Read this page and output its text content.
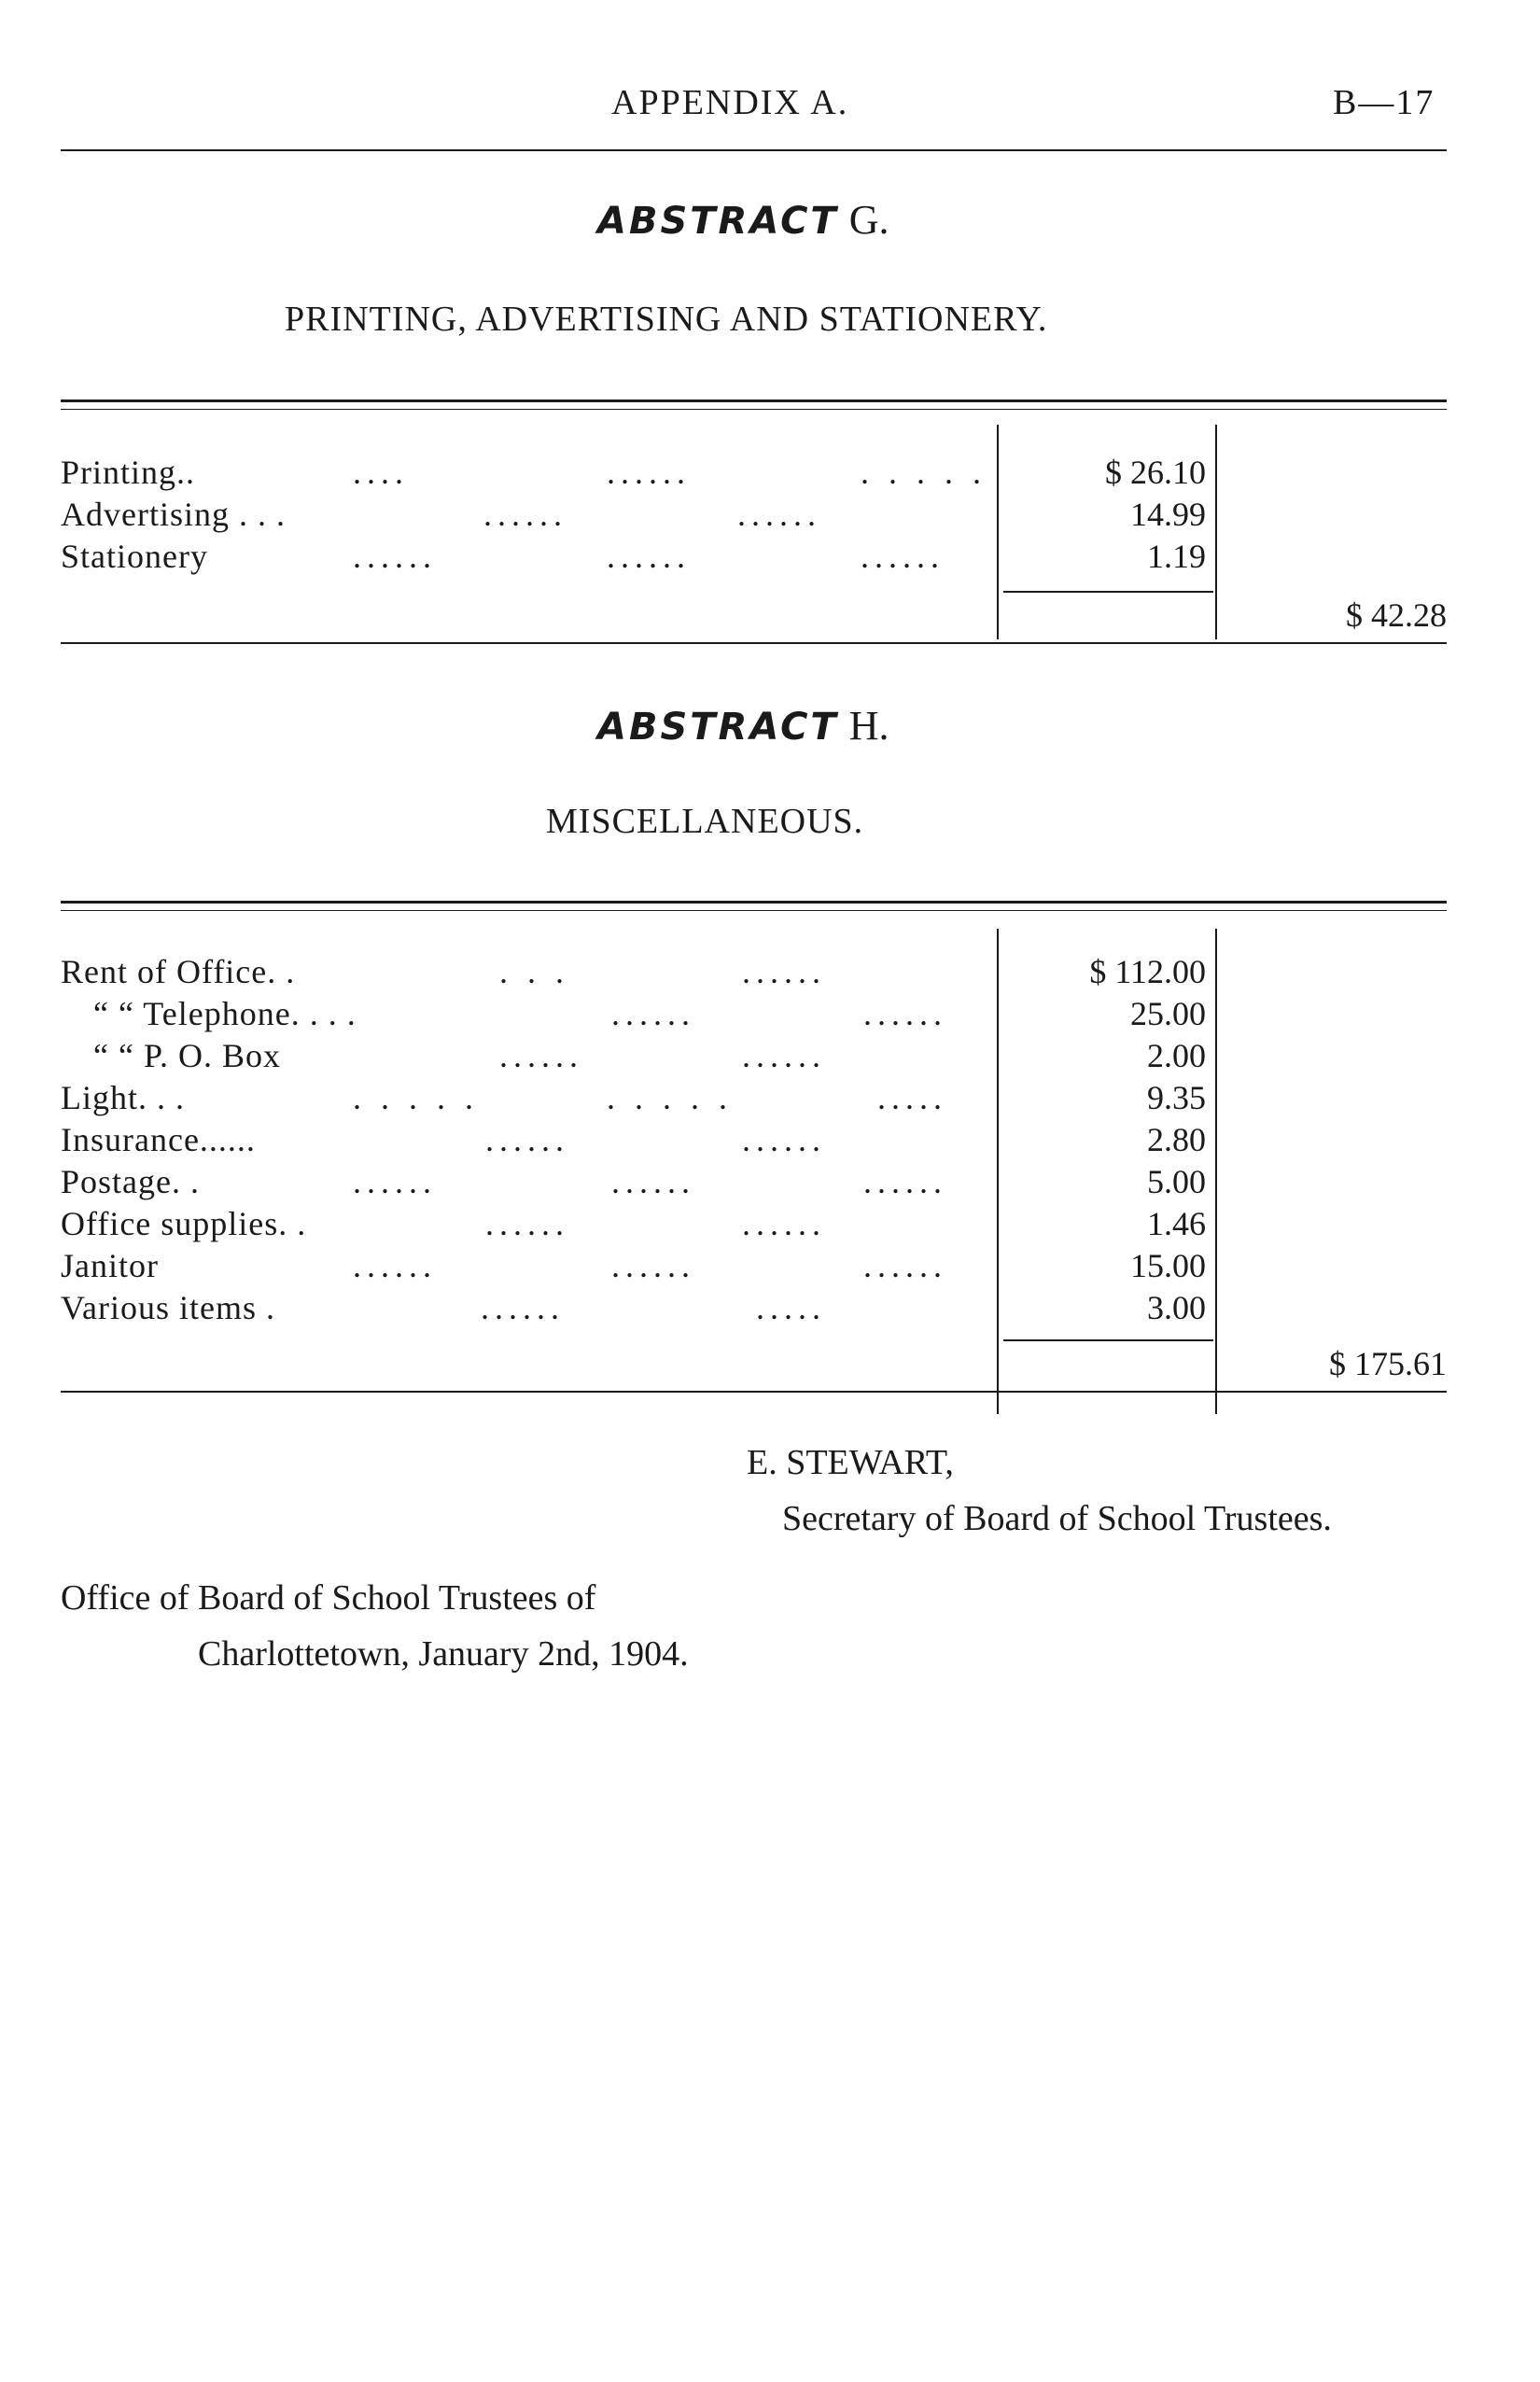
APPENDIX A.	B—17
ABSTRACT G.
PRINTING, ADVERTISING AND STATIONERY.
Printing..	....	......	. . . . .	$ 26.10
Advertising . . .	......	......	14.99
Stationery	......	......	......	1.19
$ 42.28
ABSTRACT H.
MISCELLANEOUS.
Rent of Office. .	. . .	......	$ 112.00
“ “ Telephone. . . .	......	......	25.00
“ “ P. O. Box	......	......	2.00
Light. . .	. . . . .	. . . . .	.....	9.35
Insurance......	......	......	2.80
Postage. .	......	......	......	5.00
Office supplies. .	......	......	1.46
Janitor	......	......	......	15.00
Various items .	......	.....	3.00
$ 175.61
E. STEWART,
Secretary of Board of School Trustees.
Office of Board of School Trustees of
Charlottetown, January 2nd, 1904.
